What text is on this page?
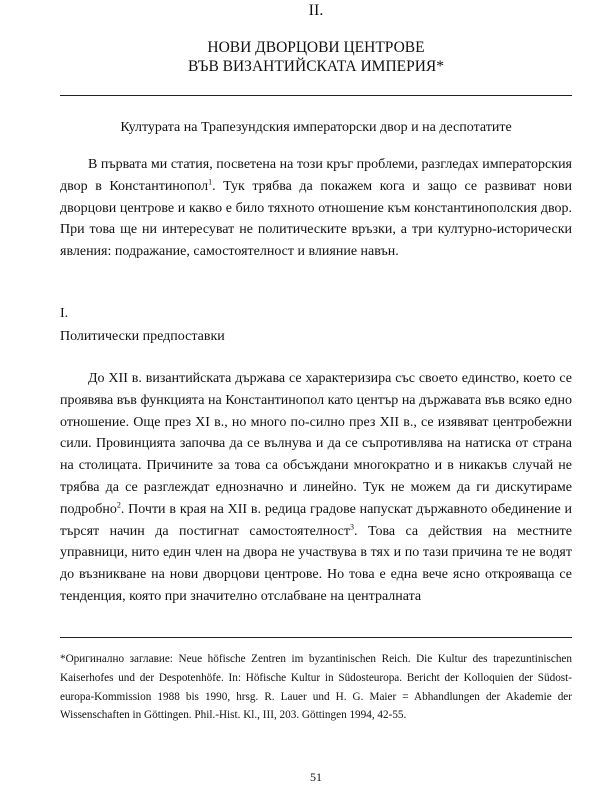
II.
НОВИ ДВОРЦОВИ ЦЕНТРОВЕ
ВЪВ ВИЗАНТИЙСКАТА ИМПЕРИЯ*
Културата на Трапезундския императорски двор и на деспотатите

В първата ми статия, посветена на този кръг проблеми, разгледах императорския двор в Константинопол$^1$. Тук трябва да покажем кога и защо се развиват нови дворцови центрове и какво е било тяхното отношение към константинополския двор. При това ще ни интересуват не политическите връзки, а три културно-исторически явления: подражание, самостоятелност и влияние навън.

I.
Политически предпоставки

До XII в. византийската държава се характеризира със своето единство, което се проявява във функцията на Константинопол като център на държавата във всяко едно отношение. Още през XI в., но много по-силно през XII в., се изявяват центробежни сили. Провинцията започва да се вълнува и да се съпротивлява на натиска от страна на столицата. Причините за това са обсъждани многократно и в никакъв случай не трябва да се разглеждат еднозначно и линейно. Тук не можем да ги дискутираме подробно$^2$. Почти в края на XII в. редица градове напускат държавното обединение и търсят начин да постигнат самостоятелност$^3$. Това са действия на местните управници, нито един член на двора не участвува в тях и по тази причина те не водят до възникване на нови дворцови центрове. Но това е една вече ясно открояваща се тенденция, която при значително отслабване на централната

*Оригинално заглавие: Neue höfische Zentren im byzantinischen Reich. Die Kultur des trapezuntinischen Kaiserhofes und der Despotenhöfe. In: Höfische Kultur in Südosteuropa. Bericht der Kolloquien der Südost-europa-Kommission 1988 bis 1990, hrsg. R. Lauer und H. G. Maier = Abhandlungen der Akademie der Wissenschaften in Göttingen. Phil.-Hist. Kl., III, 203. Göttingen 1994, 42-55.

51
